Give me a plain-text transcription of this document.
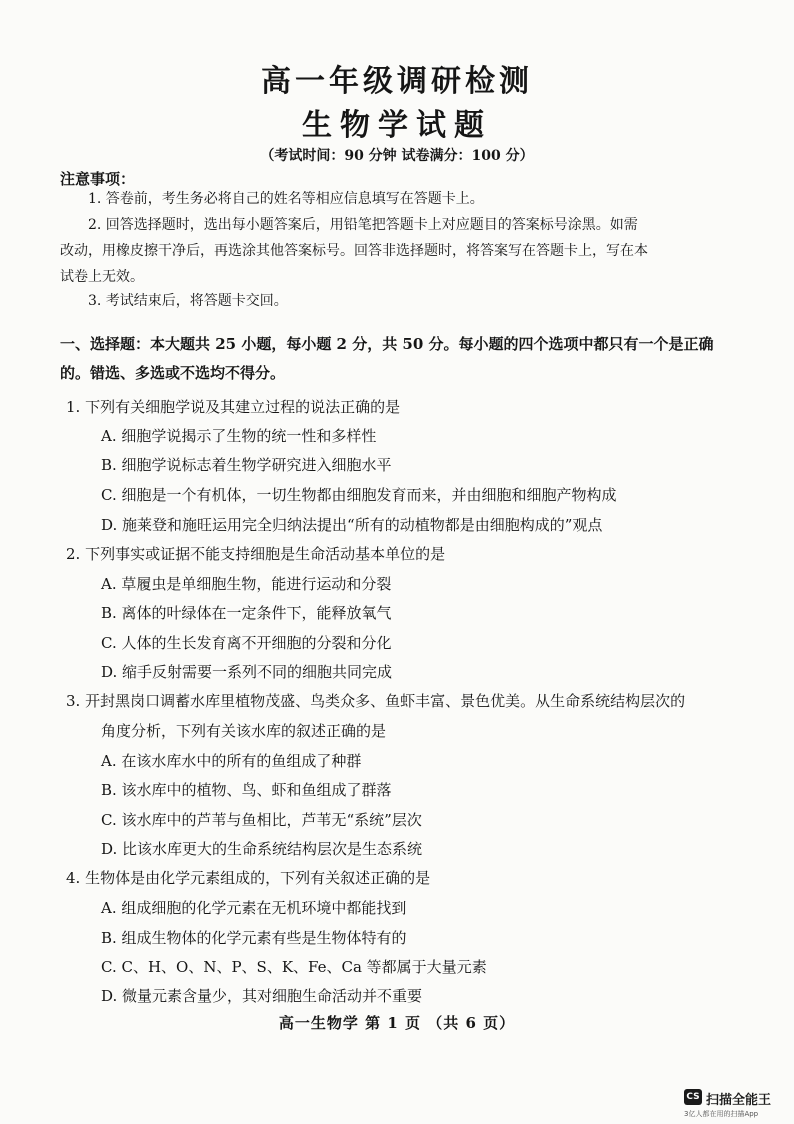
高一年级调研检测
生物学试题
（考试时间：90 分钟 试卷满分：100 分）
注意事项：
1. 答卷前，考生务必将自己的姓名等相应信息填写在答题卡上。
2. 回答选择题时，选出每小题答案后，用铅笔把答题卡上对应题目的答案标号涂黑。如需
改动，用橡皮擦干净后，再选涂其他答案标号。回答非选择题时，将答案写在答题卡上，写在本
试卷上无效。
3. 考试结束后，将答题卡交回。
一、选择题：本大题共 25 小题，每小题 2 分，共 50 分。每小题的四个选项中都只有一个是正确
的。错选、多选或不选均不得分。
1. 下列有关细胞学说及其建立过程的说法正确的是
A. 细胞学说揭示了生物的统一性和多样性
B. 细胞学说标志着生物学研究进入细胞水平
C. 细胞是一个有机体，一切生物都由细胞发育而来，并由细胞和细胞产物构成
D. 施莱登和施旺运用完全归纳法提出“所有的动植物都是由细胞构成的”观点
2. 下列事实或证据不能支持细胞是生命活动基本单位的是
A. 草履虫是单细胞生物，能进行运动和分裂
B. 离体的叶绿体在一定条件下，能释放氧气
C. 人体的生长发育离不开细胞的分裂和分化
D. 缩手反射需要一系列不同的细胞共同完成
3. 开封黑岗口调蓄水库里植物茂盛、鸟类众多、鱼虾丰富、景色优美。从生命系统结构层次的
角度分析，下列有关该水库的叙述正确的是
A. 在该水库水中的所有的鱼组成了种群
B. 该水库中的植物、鸟、虾和鱼组成了群落
C. 该水库中的芦苇与鱼相比，芦苇无“系统”层次
D. 比该水库更大的生命系统结构层次是生态系统
4. 生物体是由化学元素组成的，下列有关叙述正确的是
A. 组成细胞的化学元素在无机环境中都能找到
B. 组成生物体的化学元素有些是生物体特有的
C. C、H、O、N、P、S、K、Fe、Ca 等都属于大量元素
D. 微量元素含量少，其对细胞生命活动并不重要
高一生物学 第 1 页 （共 6 页）
CS 扫描全能王
3亿人都在用的扫描App
